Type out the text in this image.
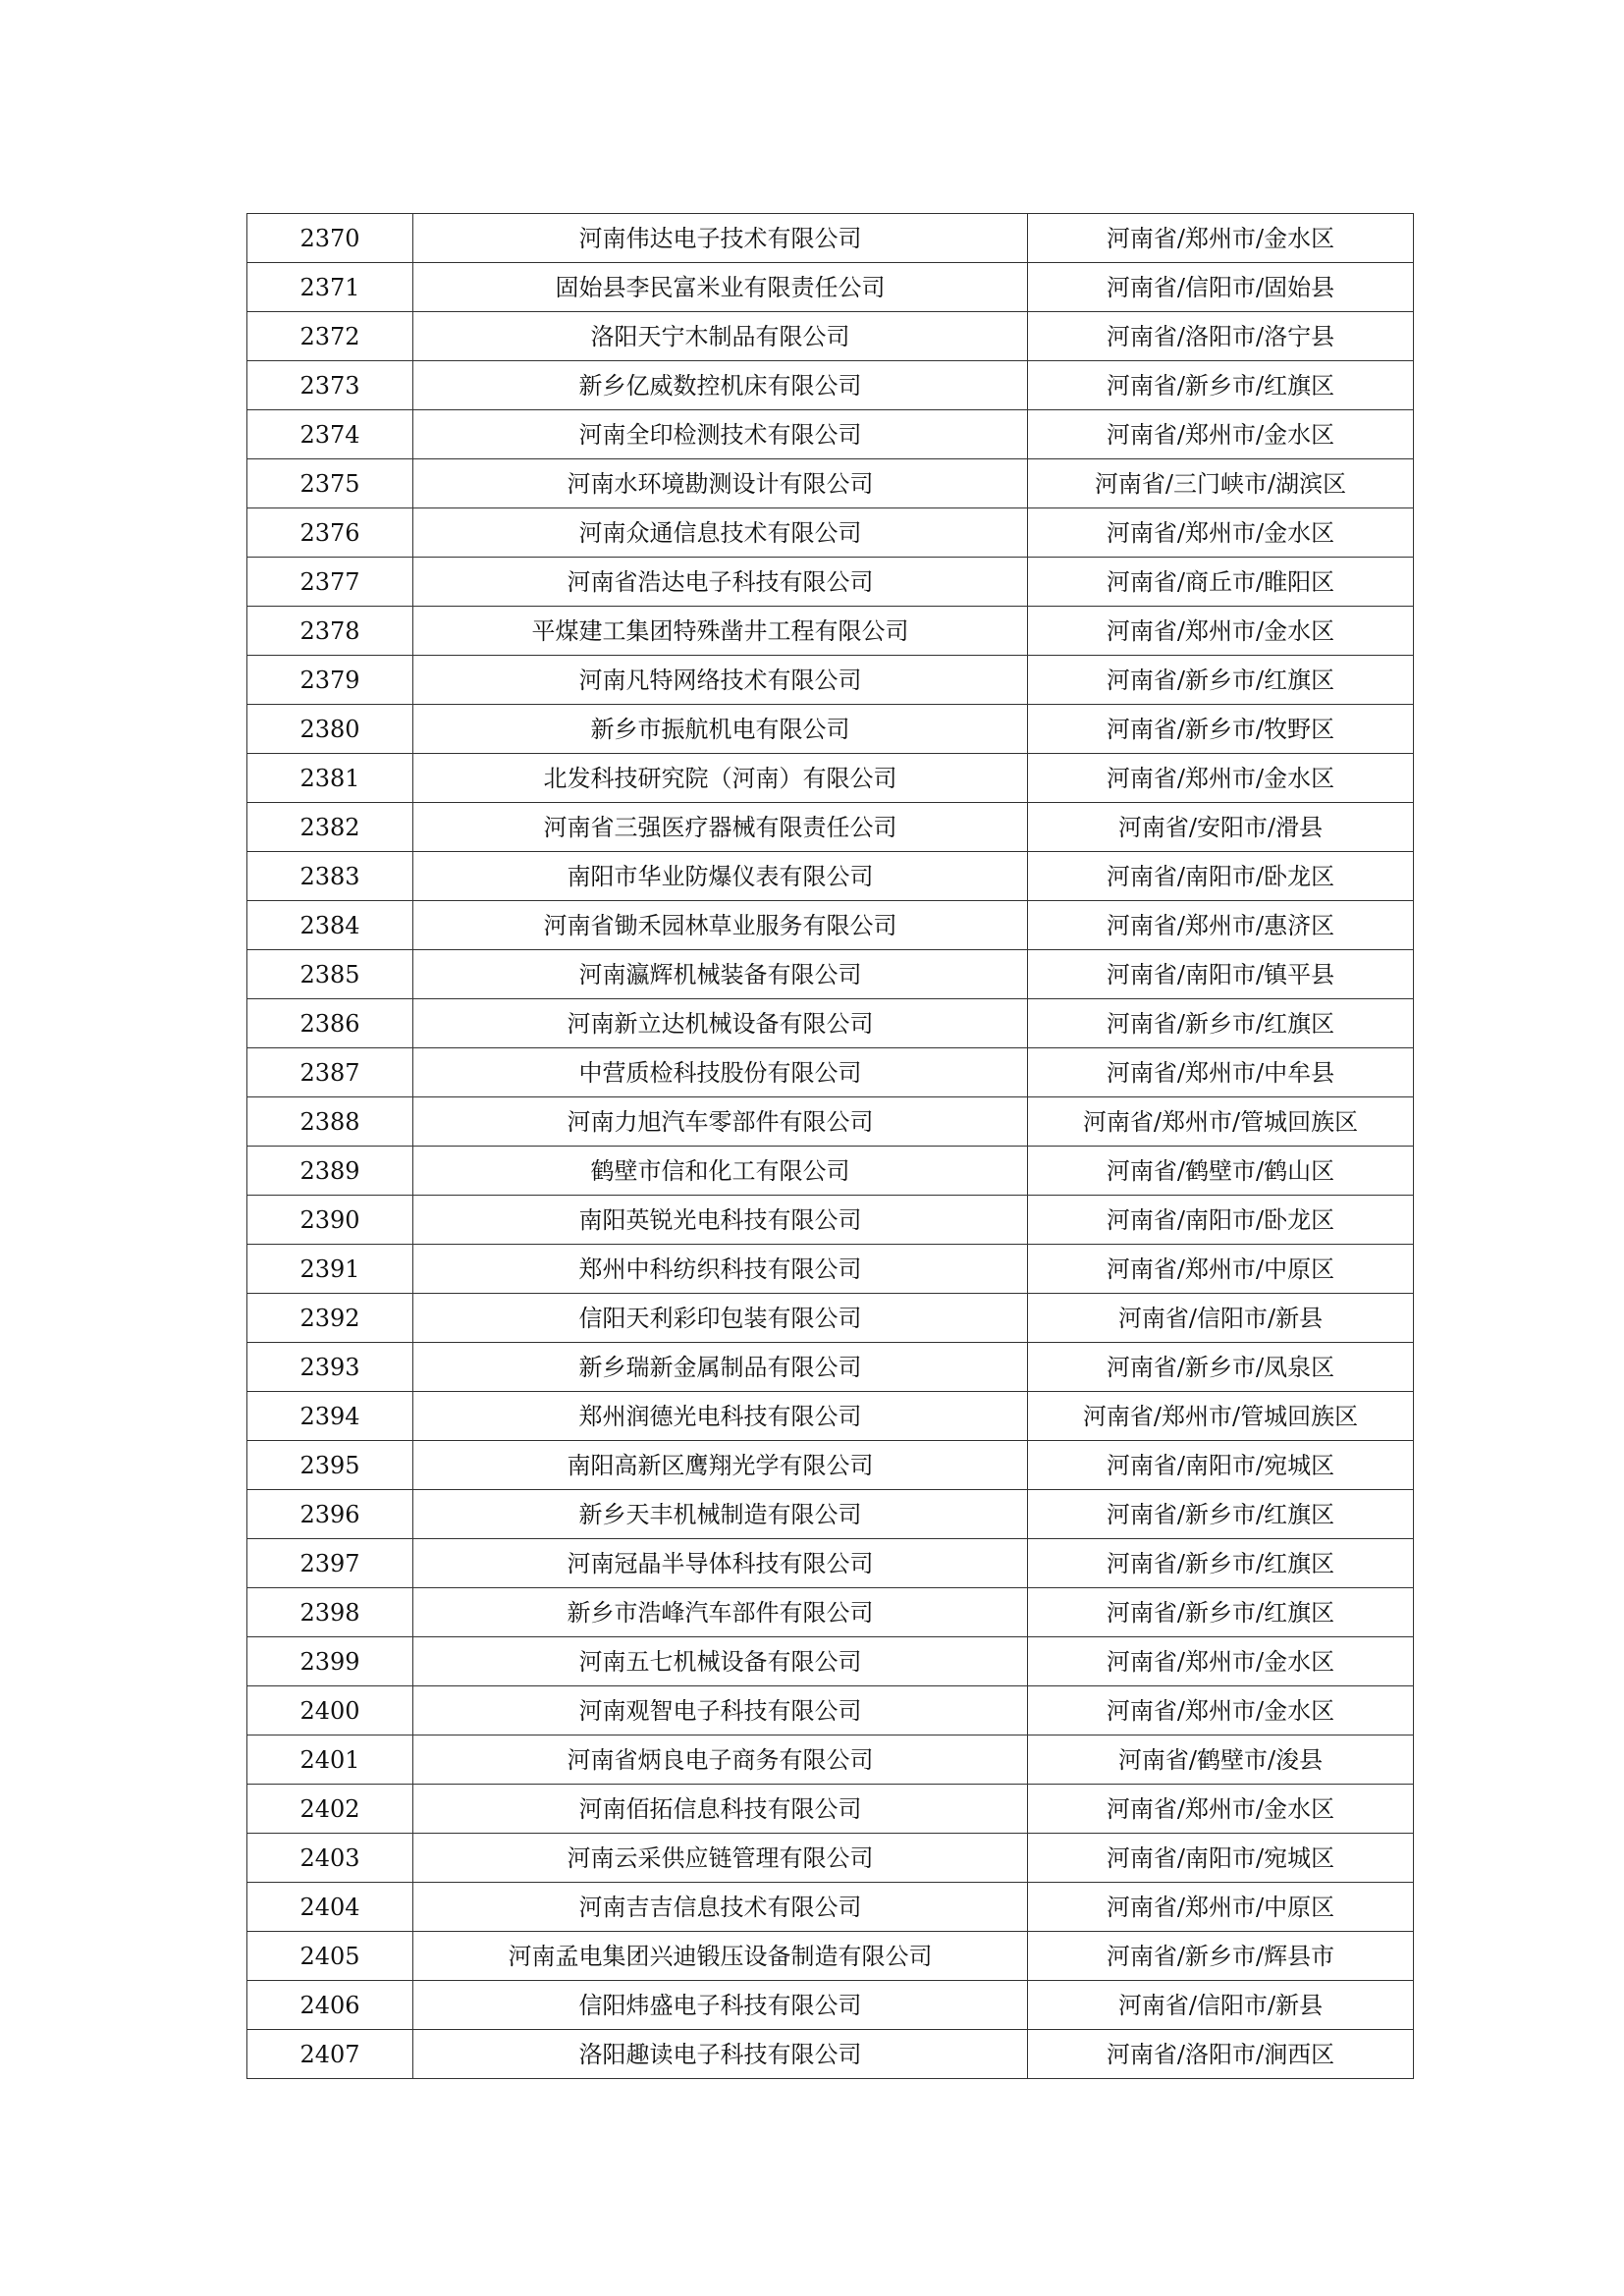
2370	河南伟达电子技术有限公司	河南省/郑州市/金水区
2371	固始县李民富米业有限责任公司	河南省/信阳市/固始县
2372	洛阳天宁木制品有限公司	河南省/洛阳市/洛宁县
2373	新乡亿威数控机床有限公司	河南省/新乡市/红旗区
2374	河南全印检测技术有限公司	河南省/郑州市/金水区
2375	河南水环境勘测设计有限公司	河南省/三门峡市/湖滨区
2376	河南众通信息技术有限公司	河南省/郑州市/金水区
2377	河南省浩达电子科技有限公司	河南省/商丘市/睢阳区
2378	平煤建工集团特殊凿井工程有限公司	河南省/郑州市/金水区
2379	河南凡特网络技术有限公司	河南省/新乡市/红旗区
2380	新乡市振航机电有限公司	河南省/新乡市/牧野区
2381	北发科技研究院（河南）有限公司	河南省/郑州市/金水区
2382	河南省三强医疗器械有限责任公司	河南省/安阳市/滑县
2383	南阳市华业防爆仪表有限公司	河南省/南阳市/卧龙区
2384	河南省锄禾园林草业服务有限公司	河南省/郑州市/惠济区
2385	河南瀛辉机械装备有限公司	河南省/南阳市/镇平县
2386	河南新立达机械设备有限公司	河南省/新乡市/红旗区
2387	中营质检科技股份有限公司	河南省/郑州市/中牟县
2388	河南力旭汽车零部件有限公司	河南省/郑州市/管城回族区
2389	鹤壁市信和化工有限公司	河南省/鹤壁市/鹤山区
2390	南阳英锐光电科技有限公司	河南省/南阳市/卧龙区
2391	郑州中科纺织科技有限公司	河南省/郑州市/中原区
2392	信阳天利彩印包装有限公司	河南省/信阳市/新县
2393	新乡瑞新金属制品有限公司	河南省/新乡市/凤泉区
2394	郑州润德光电科技有限公司	河南省/郑州市/管城回族区
2395	南阳高新区鹰翔光学有限公司	河南省/南阳市/宛城区
2396	新乡天丰机械制造有限公司	河南省/新乡市/红旗区
2397	河南冠晶半导体科技有限公司	河南省/新乡市/红旗区
2398	新乡市浩峰汽车部件有限公司	河南省/新乡市/红旗区
2399	河南五七机械设备有限公司	河南省/郑州市/金水区
2400	河南观智电子科技有限公司	河南省/郑州市/金水区
2401	河南省炳良电子商务有限公司	河南省/鹤壁市/浚县
2402	河南佰拓信息科技有限公司	河南省/郑州市/金水区
2403	河南云采供应链管理有限公司	河南省/南阳市/宛城区
2404	河南吉吉信息技术有限公司	河南省/郑州市/中原区
2405	河南孟电集团兴迪锻压设备制造有限公司	河南省/新乡市/辉县市
2406	信阳炜盛电子科技有限公司	河南省/信阳市/新县
2407	洛阳趣读电子科技有限公司	河南省/洛阳市/涧西区
